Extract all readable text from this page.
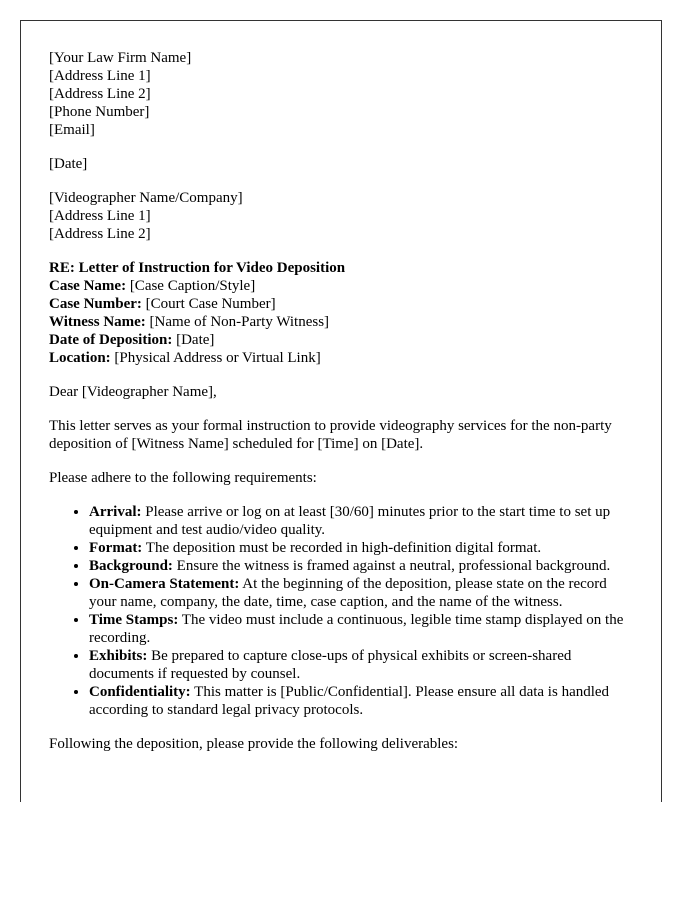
[Your Law Firm Name]
[Address Line 1]
[Address Line 2]
[Phone Number]
[Email]

[Date]

[Videographer Name/Company]
[Address Line 1]
[Address Line 2]

RE: Letter of Instruction for Video Deposition
Case Name: [Case Caption/Style]
Case Number: [Court Case Number]
Witness Name: [Name of Non-Party Witness]
Date of Deposition: [Date]
Location: [Physical Address or Virtual Link]

Dear [Videographer Name],

This letter serves as your formal instruction to provide videography services for the non-party deposition of [Witness Name] scheduled for [Time] on [Date].

Please adhere to the following requirements:

• Arrival: Please arrive or log on at least [30/60] minutes prior to the start time to set up equipment and test audio/video quality.
• Format: The deposition must be recorded in high-definition digital format.
• Background: Ensure the witness is framed against a neutral, professional background.
• On-Camera Statement: At the beginning of the deposition, please state on the record your name, company, the date, time, case caption, and the name of the witness.
• Time Stamps: The video must include a continuous, legible time stamp displayed on the recording.
• Exhibits: Be prepared to capture close-ups of physical exhibits or screen-shared documents if requested by counsel.
• Confidentiality: This matter is [Public/Confidential]. Please ensure all data is handled according to standard legal privacy protocols.

Following the deposition, please provide the following deliverables:
